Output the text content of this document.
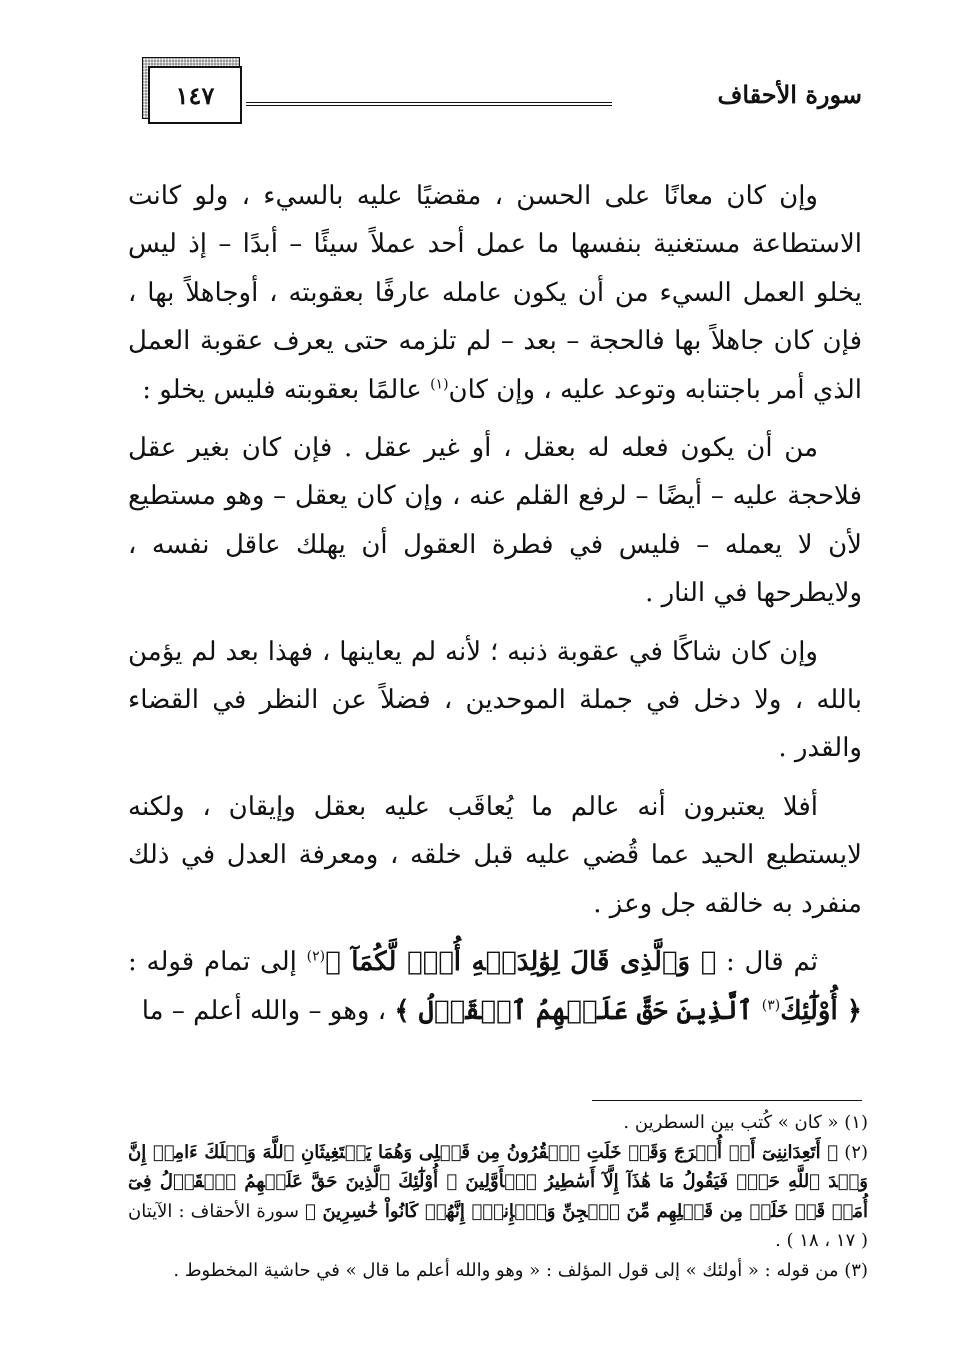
سورة الأحقاف
١٤٧

وإن كان معانًا على الحسن ، مقضيًا عليه بالسيء ، ولو كانت الاستطاعة مستغنية بنفسها ما عمل أحد عملاً سيئًا – أبدًا – إذ ليس يخلو العمل السيء من أن يكون عامله عارفًا بعقوبته ، أوجاهلاً بها ، فإن كان جاهلاً بها فالحجة – بعد – لم تلزمه حتى يعرف عقوبة العمل الذي أمر باجتنابه وتوعد عليه ، وإن كان$^{(١)}$ عالمًا بعقوبته فليس يخلو :

من أن يكون فعله له بعقل ، أو غير عقل . فإن كان بغير عقل فلاحجة عليه – أيضًا – لرفع القلم عنه ، وإن كان يعقل – وهو مستطيع لأن لا يعمله – فليس في فطرة العقول أن يهلك عاقل نفسه ، ولايطرحها في النار .

وإن كان شاكًا في عقوبة ذنبه ؛ لأنه لم يعاينها ، فهذا بعد لم يؤمن بالله ، ولا دخل في جملة الموحدين ، فضلاً عن النظر في القضاء والقدر .

أفلا يعتبرون أنه عالم ما يُعاقَب عليه بعقل وإيقان ، ولكنه لايستطيع الحيد عما قُضي عليه قبل خلقه ، ومعرفة العدل في ذلك منفرد به خالقه جل وعز .

ثم قال : ﴿ وَٱلَّذِى قَالَ لِوَٰلِدَيۡهِ أُفّٖ لَّكُمَآ ﴾$^{(٢)}$ إلى تمام قوله : ﴿ أُوْلَٰٓئِكَ$^{(٣)}$ ٱلَّذِينَ حَقَّ عَلَيۡهِمُ ٱلۡقَوۡلُ ﴾ ، وهو – والله أعلم – ما

(١) « كان » كُتب بين السطرين .

(٢) ﴿ أَتَعِدَانِنِىٓ أَنۡ أُخۡرَجَ وَقَدۡ خَلَتِ ٱلۡقُرُونُ مِن قَبۡلِى وَهُمَا يَسۡتَغِيثَانِ ٱللَّهَ وَيۡلَكَ ءَامِنۡ إِنَّ وَعۡدَ ٱللَّهِ حَقّٞ فَيَقُولُ مَا هَٰذَآ إِلَّآ أَسَٰطِيرُ ٱلۡأَوَّلِينَ ۞ أُوْلَٰٓئِكَ ٱلَّذِينَ حَقَّ عَلَيۡهِمُ ٱلۡقَوۡلُ فِىٓ أُمَمٖ قَدۡ خَلَتۡ مِن قَبۡلِهِم مِّنَ ٱلۡجِنِّ وَٱلۡإِنسِۖ إِنَّهُمۡ كَانُواْ خَٰسِرِينَ ﴾ سورة الأحقاف : الآيتان ( ١٧ ، ١٨ ) .

(٣) من قوله : « أولئك » إلى قول المؤلف : « وهو والله أعلم ما قال » في حاشية المخطوط .
